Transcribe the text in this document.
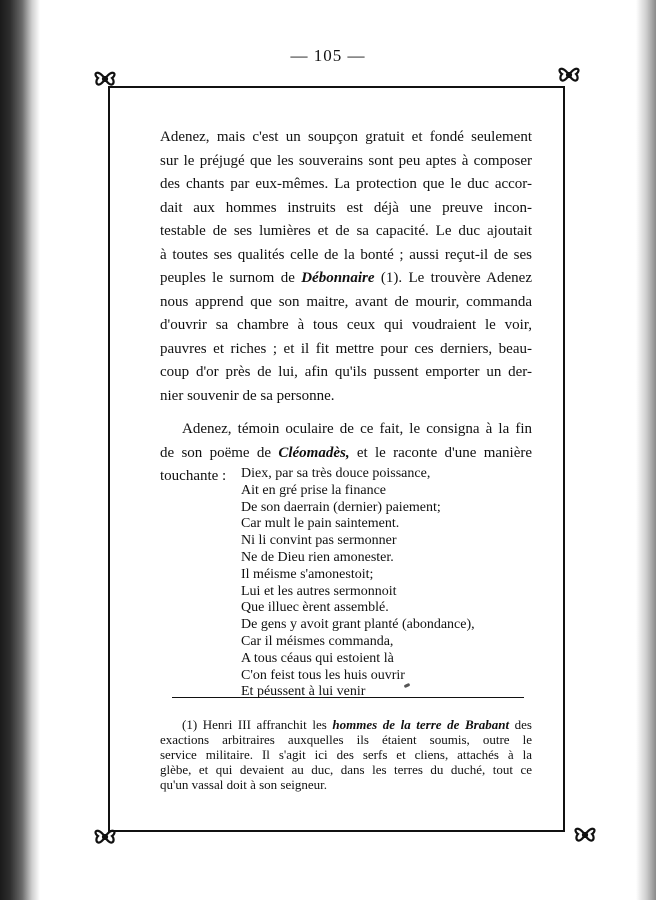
— 105 —
Adenez, mais c'est un soupçon gratuit et fondé seulement
sur le préjugé que les souverains sont peu aptes à composer
des chants par eux-mêmes. La protection que le duc accor-
dait aux hommes instruits est déjà une preuve incon-
testable de ses lumières et de sa capacité. Le duc ajoutait
à toutes ses qualités celle de la bonté ; aussi reçut-il de ses
peuples le surnom de Débonnaire (1). Le trouvère Adenez
nous apprend que son maitre, avant de mourir, commanda
d'ouvrir sa chambre à tous ceux qui voudraient le voir,
pauvres et riches ; et il fit mettre pour ces derniers, beau-
coup d'or près de lui, afin qu'ils pussent emporter un der-
nier souvenir de sa personne.
Adenez, témoin oculaire de ce fait, le consigna à la fin
de son poëme de Cléomadès, et le raconte d'une manière
touchante :	Diex, par sa très douce poissance,
Ait en gré prise la finance
De son daerrain (dernier) paiement;
Car mult le pain saintement.
Ni li convint pas sermonner
Ne de Dieu rien amonester.
Il méisme s'amonestoit;
Lui et les autres sermonnoit
Que illuec èrent assemblé.
De gens y avoit grant planté (abondance),
Car il méismes commanda,
A tous céaus qui estoient là
C'on feist tous les huis ouvrir
Et péussent à lui venir
(1) Henri III affranchit les hommes de la terre de Brabant des
exactions arbitraires auxquelles ils étaient soumis, outre le
service militaire. Il s'agit ici des serfs et cliens, attachés à la
glèbe, et qui devaient au duc, dans les terres du duché, tout ce
qu'un vassal doit à son seigneur.
